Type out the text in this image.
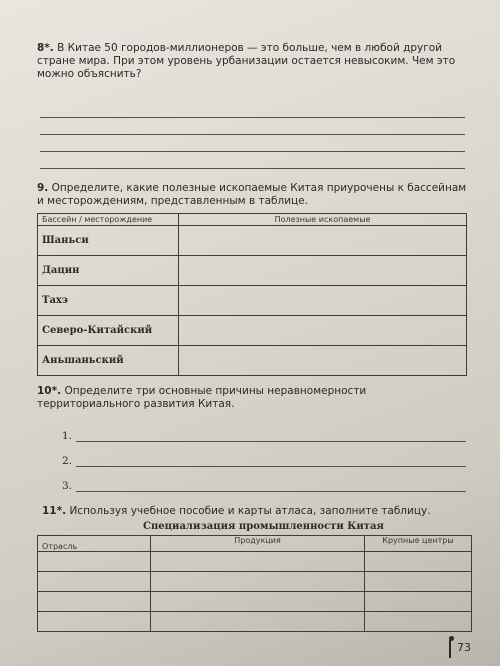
8*. В Китае 50 городов-миллионеров — это больше, чем в любой другой стране мира. При этом уровень урбанизации остается невысоким. Чем это можно объяснить?
9. Определите, какие полезные ископаемые Китая приурочены к бассейнам и месторождениям, представленным в таблице.
Бассейн / месторождение	Полезные ископаемые
Шаньси	
Дацин	
Тахэ	
Северо-Китайский	
Аньшаньский	
10*. Определите три основные причины неравномерности территориального развития Китая.
1.
2.
3.
11*. Используя учебное пособие и карты атласа, заполните таблицу.
Специализация промышленности Китая
Отрасль	Продукция	Крупные центры

73
